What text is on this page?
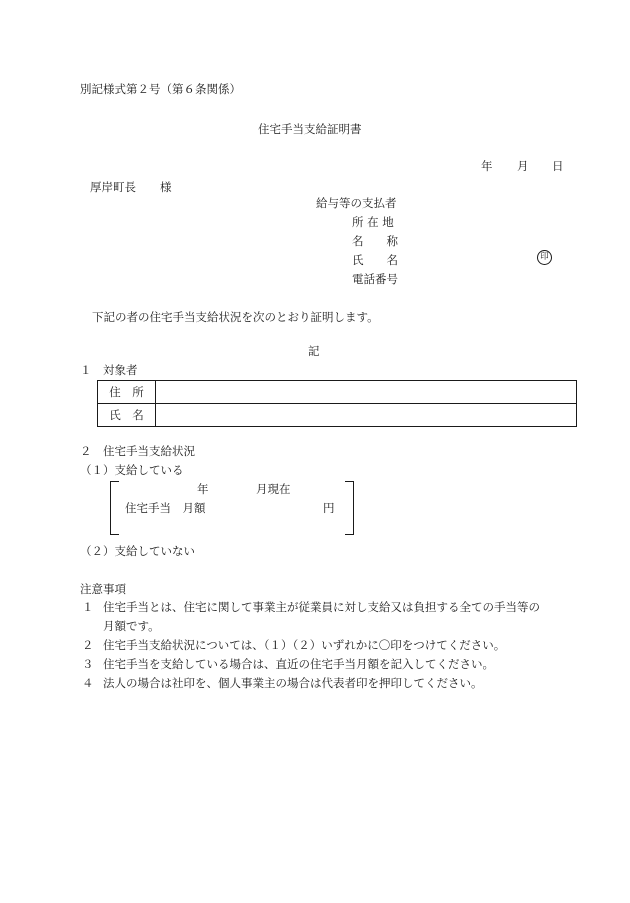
別記様式第２号（第６条関係）
住宅手当支給証明書
年 月 日
厚岸町長 様
給与等の支払者
所 在 地
名　　称
氏　　名	印
電話番号
下記の者の住宅手当支給状況を次のとおり証明します。
記
１　対象者
住　所	
氏　名	
２　住宅手当支給状況
（１）支給している
年	月現在
住宅手当　月額	円
（２）支給していない
注意事項
１ 住宅手当とは、住宅に関して事業主が従業員に対し支給又は負担する全ての手当等の
月額です。
２ 住宅手当支給状況については、（１）（２）いずれかに〇印をつけてください。
３ 住宅手当を支給している場合は、直近の住宅手当月額を記入してください。
４ 法人の場合は社印を、個人事業主の場合は代表者印を押印してください。
